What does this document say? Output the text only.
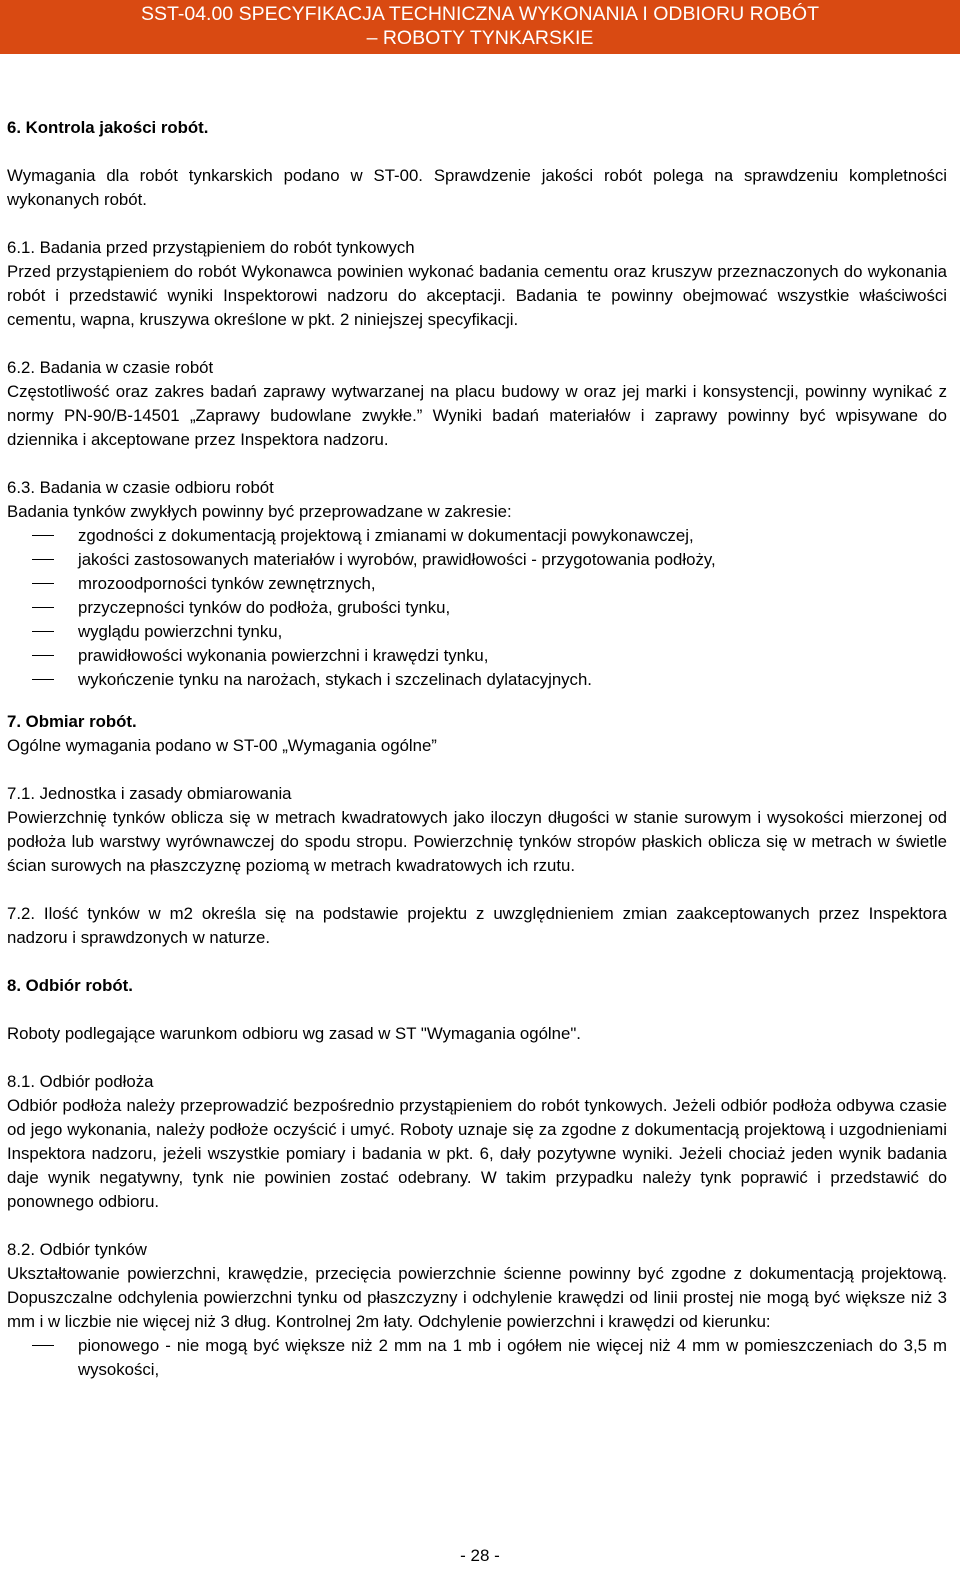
SST-04.00 SPECYFIKACJA TECHNICZNA WYKONANIA I ODBIORU ROBÓT
– ROBOTY TYNKARSKIE

6. Kontrola jakości robót.

Wymagania dla robót tynkarskich podano w ST-00. Sprawdzenie jakości robót polega na sprawdzeniu kompletności wykonanych robót.

6.1. Badania przed przystąpieniem do robót tynkowych

Przed przystąpieniem do robót Wykonawca powinien wykonać badania cementu oraz kruszyw przeznaczonych do wykonania robót i przedstawić wyniki Inspektorowi nadzoru do akceptacji. Badania te powinny obejmować wszystkie właściwości cementu, wapna, kruszywa określone w pkt. 2 niniejszej specyfikacji.

6.2. Badania w czasie robót

Częstotliwość oraz zakres badań zaprawy wytwarzanej na placu budowy w oraz jej marki i konsystencji, powinny wynikać z normy PN-90/B-14501 „Zaprawy budowlane zwykłe.” Wyniki badań materiałów i zaprawy powinny być wpisywane do dziennika i akceptowane przez Inspektora nadzoru.

6.3. Badania w czasie odbioru robót

Badania tynków zwykłych powinny być przeprowadzane w zakresie:

zgodności z dokumentacją projektową i zmianami w dokumentacji powykonawczej,
jakości zastosowanych materiałów i wyrobów, prawidłowości - przygotowania podłoży,
mrozoodporności tynków zewnętrznych,
przyczepności tynków do podłoża, grubości tynku,
wyglądu powierzchni tynku,
prawidłowości wykonania powierzchni i krawędzi tynku,
wykończenie tynku na narożach, stykach i szczelinach dylatacyjnych.

7. Obmiar robót.

Ogólne wymagania podano w ST-00 „Wymagania ogólne”

7.1. Jednostka i zasady obmiarowania

Powierzchnię tynków oblicza się w metrach kwadratowych jako iloczyn długości w stanie surowym i wysokości mierzonej od podłoża lub warstwy wyrównawczej do spodu stropu. Powierzchnię tynków stropów płaskich oblicza się w metrach w świetle ścian surowych na płaszczyznę poziomą w metrach kwadratowych ich rzutu.

7.2. Ilość tynków w m2 określa się na podstawie projektu z uwzględnieniem zmian zaakceptowanych przez Inspektora nadzoru i sprawdzonych w naturze.

8. Odbiór robót.

Roboty podlegające warunkom odbioru wg zasad w ST "Wymagania ogólne".

8.1. Odbiór podłoża

Odbiór podłoża należy przeprowadzić bezpośrednio przystąpieniem do robót tynkowych. Jeżeli odbiór podłoża odbywa czasie od jego wykonania, należy podłoże oczyścić i umyć. Roboty uznaje się za zgodne z dokumentacją projektową i uzgodnieniami Inspektora nadzoru, jeżeli wszystkie pomiary i badania w pkt. 6, dały pozytywne wyniki. Jeżeli chociaż jeden wynik badania daje wynik negatywny, tynk nie powinien zostać odebrany. W takim przypadku należy tynk poprawić i przedstawić do ponownego odbioru.

8.2. Odbiór tynków

Ukształtowanie powierzchni, krawędzie, przecięcia powierzchnie ścienne powinny być zgodne z dokumentacją projektową. Dopuszczalne odchylenia powierzchni tynku od płaszczyzny i odchylenie krawędzi od linii prostej nie mogą być większe niż 3 mm i w liczbie nie więcej niż 3 dług. Kontrolnej 2m łaty. Odchylenie powierzchni i krawędzi od kierunku:

pionowego - nie mogą być większe niż 2 mm na 1 mb i ogółem nie więcej niż 4 mm w pomieszczeniach do 3,5 m wysokości,
- 28 -
